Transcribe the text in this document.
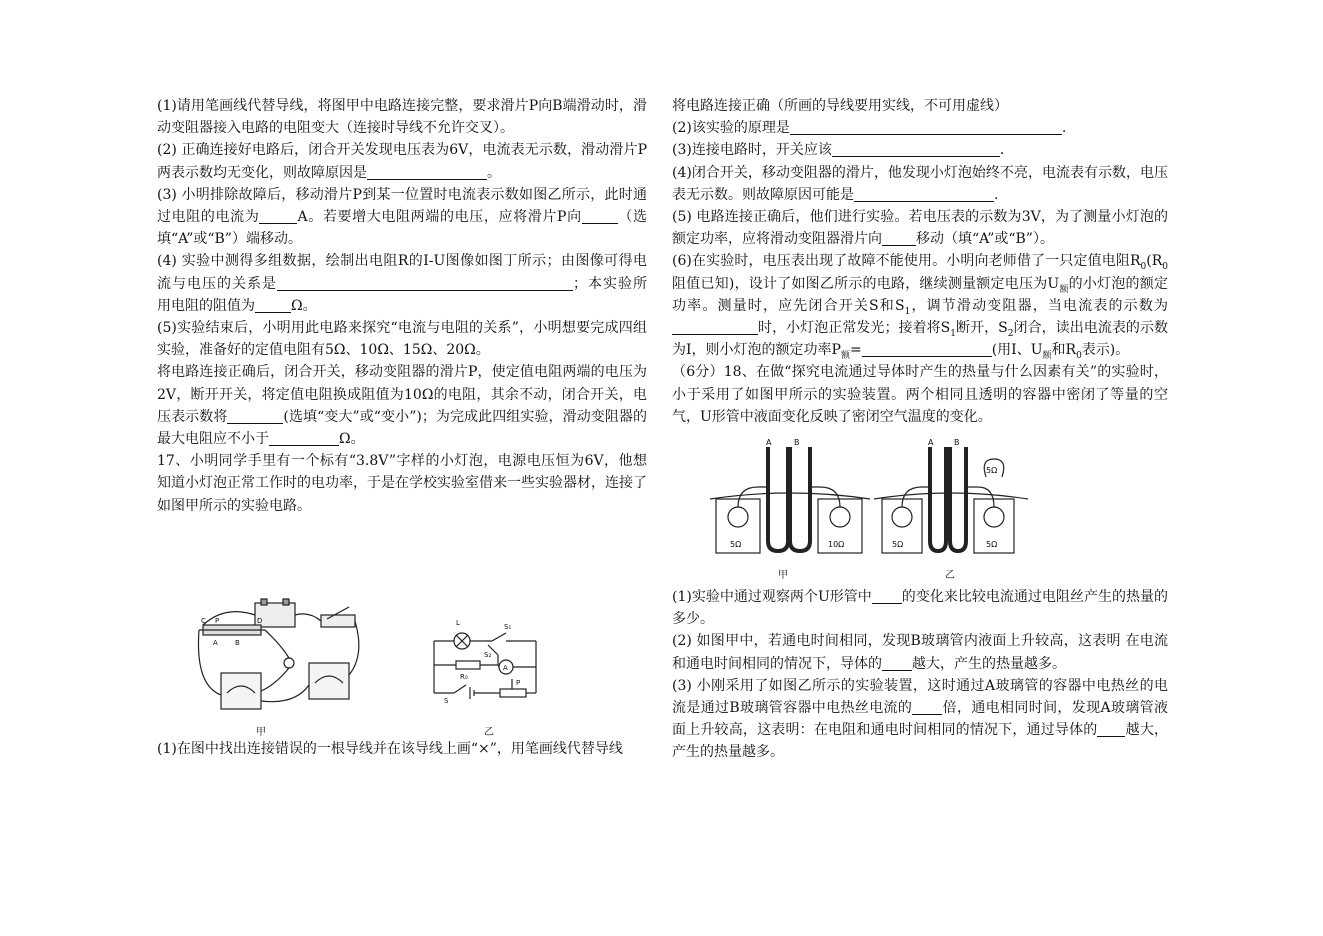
(1)请用笔画线代替导线，将图甲中电路连接完整，要求滑片P向B端滑动时，滑动变阻器接入电路的电阻变大（连接时导线不允许交叉）。

(2) 正确连接好电路后，闭合开关发现电压表为6V，电流表无示数，滑动滑片P两表示数均无变化，则故障原因是	。

(3) 小明排除故障后，移动滑片P到某一位置时电流表示数如图乙所示，此时通过电阻的电流为	A。若要增大电阻两端的电压，应将滑片P向	（选填“A”或“B”）端移动。

(4) 实验中测得多组数据，绘制出电阻R的I-U图像如图丁所示；由图像可得电流与电压的关系是	；本实验所用电阻的阻值为	Ω。

(5)实验结束后，小明用此电路来探究“电流与电阻的关系”，小明想要完成四组实验，准备好的定值电阻有5Ω、10Ω、15Ω、20Ω。

将电路连接正确后，闭合开关，移动变阻器的滑片P，使定值电阻两端的电压为2V，断开开关，将定值电阻换成阻值为10Ω的电阻，其余不动，闭合开关，电压表示数将	(选填“变大”或“变小”)；为完成此四组实验，滑动变阻器的最大电阻应不小于	Ω。

17、小明同学手里有一个标有“3.8V”字样的小灯泡，电源电压恒为6V，他想知道小灯泡正常工作时的电功率，于是在学校实验室借来一些实验器材，连接了如图甲所示的实验电路。

C P	D
A B
甲
L	S₁
S₂
A
R₀
P
S
乙

(1)在图中找出连接错误的一根导线并在该导线上画“×”，用笔画线代替导线

将电路连接正确（所画的导线要用实线，不可用虚线）

(2)该实验的原理是	.

(3)连接电路时，开关应该	.

(4)闭合开关，移动变阻器的滑片，他发现小灯泡始终不亮，电流表有示数，电压表无示数。则故障原因可能是	.

(5) 电路连接正确后，他们进行实验。若电压表的示数为3V，为了测量小灯泡的额定功率，应将滑动变阻器滑片向 移动（填“A”或“B”）。

(6)在实验时，电压表出现了故障不能使用。小明向老师借了一只定值电阻$R_0(R_0$阻值已知)，设计了如图乙所示的电路，继续测量额定电压为$U_额$的小灯泡的额定功率。测量时，应先闭合开关S和$S_1$，调节滑动变阻器，当电流表的示数为时，小灯泡正常发光；接着将$S_1$断开，$S_2$闭合，读出电流表的示数为I，则小灯泡的额定功率$P_额=$	(用I、$U_额$和$R_0$表示)。

（6分）18、在做“探究电流通过导体时产生的热量与什么因素有关”的实验时，小于采用了如图甲所示的实验装置。两个相同且透明的容器中密闭了等量的空气，U形管中液面变化反映了密闭空气温度的变化。

A	B
5Ω	10Ω
A	B
5Ω	5Ω
5Ω
甲	乙

(1)实验中通过观察两个U形管中 的变化来比较电流通过电阻丝产生的热量的多少。

(2) 如图甲中，若通电时间相同，发现B玻璃管内液面上升较高，这表明 在电流和通电时间相同的情况下，导体的 越大，产生的热量越多。

(3) 小刚采用了如图乙所示的实验装置，这时通过A玻璃管的容器中电热丝的电流是通过B玻璃管容器中电热丝电流的 倍，通电相同时间，发现A玻璃管液面上升较高，这表明：在电阻和通电时间相同的情况下，通过导体的 越大，产生的热量越多。
